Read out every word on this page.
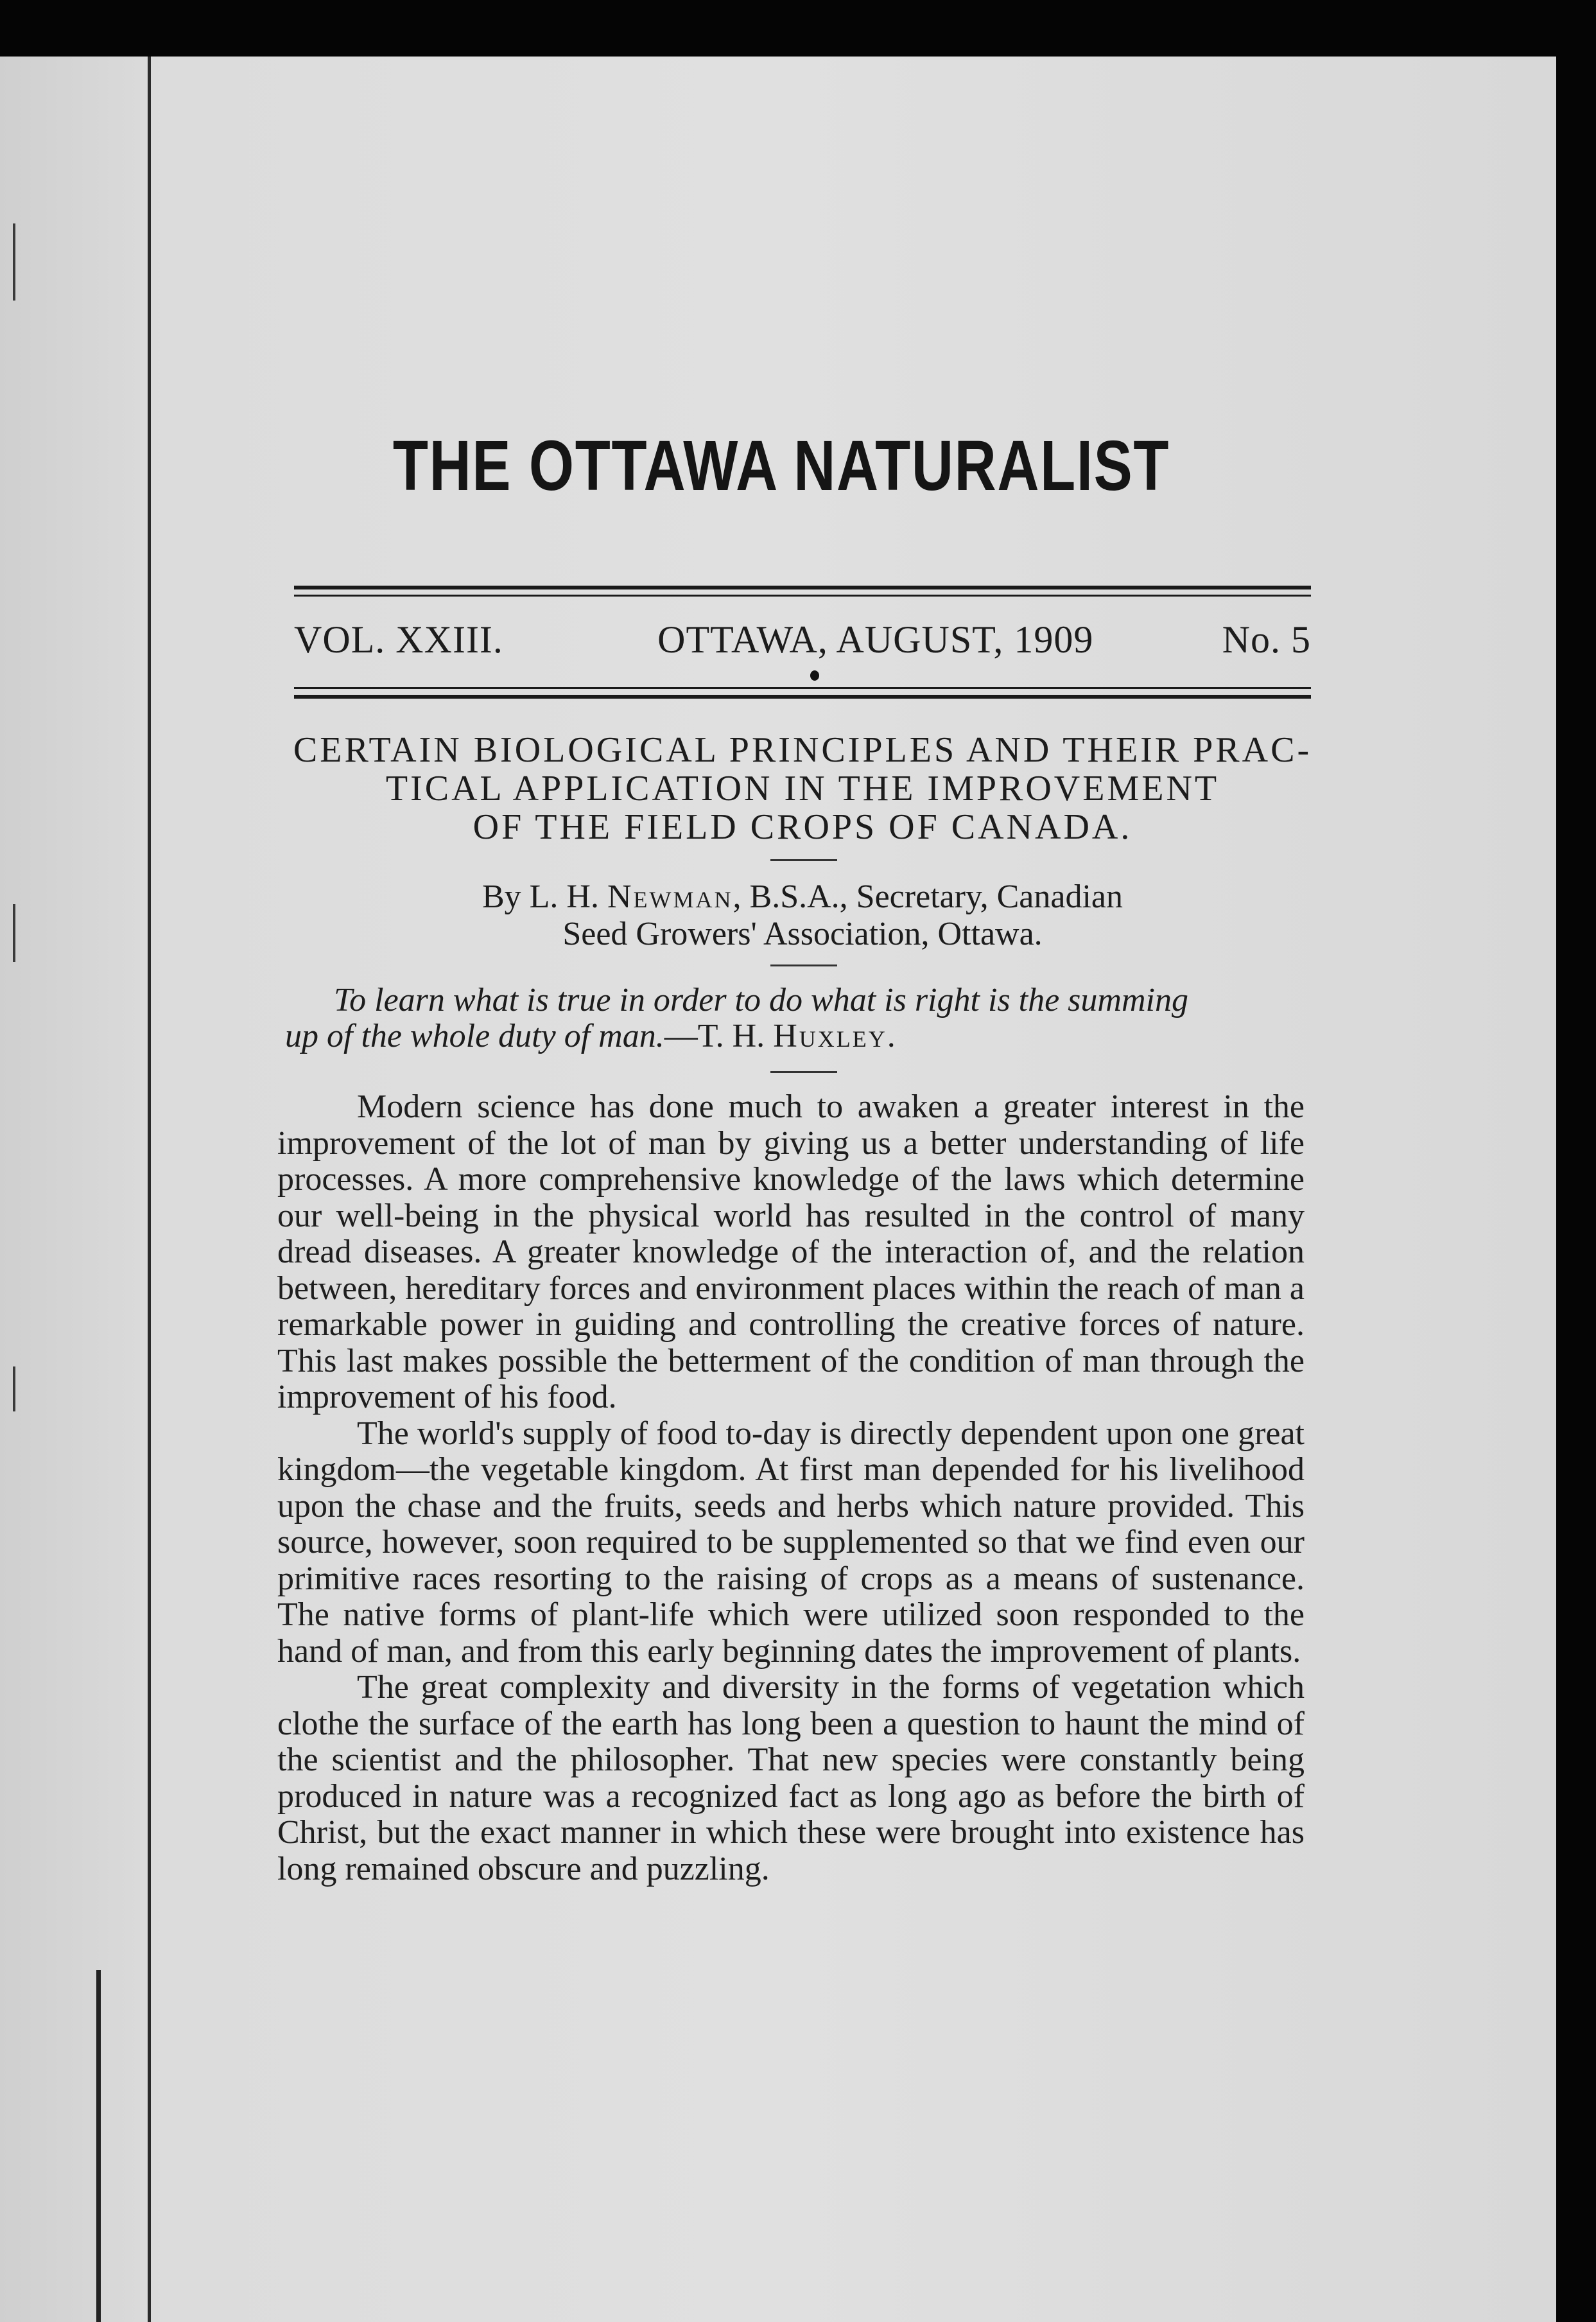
THE OTTAWA NATURALIST
VOL. XXIII.	OTTAWA, AUGUST, 1909	No. 5
CERTAIN BIOLOGICAL PRINCIPLES AND THEIR PRAC-
TICAL APPLICATION IN THE IMPROVEMENT
OF THE FIELD CROPS OF CANADA.
By L. H. Newman, B.S.A., Secretary, Canadian
Seed Growers' Association, Ottawa.
To learn what is true in order to do what is right is the summing
up of the whole duty of man.—T. H. Huxley.

Modern science has done much to awaken a greater interest in the improvement of the lot of man by giving us a better understanding of life processes. A more comprehensive knowledge of the laws which determine our well-being in the physical world has resulted in the control of many dread diseases. A greater knowledge of the interaction of, and the relation between, hereditary forces and environment places within the reach of man a remarkable power in guiding and controlling the creative forces of nature. This last makes possible the betterment of the condition of man through the improvement of his food.

The world's supply of food to-day is directly dependent upon one great kingdom—the vegetable kingdom. At first man depended for his livelihood upon the chase and the fruits, seeds and herbs which nature provided. This source, however, soon required to be supplemented so that we find even our primitive races resorting to the raising of crops as a means of sustenance. The native forms of plant-life which were utilized soon responded to the hand of man, and from this early beginning dates the improvement of plants.

The great complexity and diversity in the forms of vegetation which clothe the surface of the earth has long been a question to haunt the mind of the scientist and the philosopher. That new species were constantly being produced in nature was a recognized fact as long ago as before the birth of Christ, but the exact manner in which these were brought into existence has long remained obscure and puzzling.
